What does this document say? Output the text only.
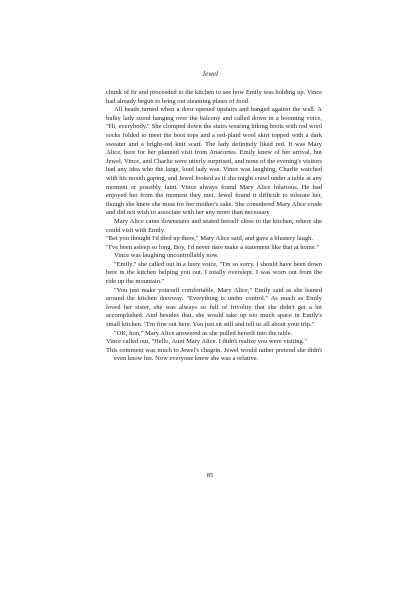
Jewel

chunk of fir and proceeded to the kitchen to see how Emily was holding up. Vince had already begun to bring out steaming plates of food.

All heads turned when a door opened upstairs and banged against the wall. A bulky lady stood hanging over the balcony and called down in a booming voice, "Hi, everybody." She clomped down the stairs wearing hiking boots with red wool socks folded to meet the boot tops and a red-plaid wool skirt topped with a dark sweater and a bright-red knit scarf. The lady definitely liked red. It was Mary Alice, here for her planned visit from Anacortes. Emily knew of her arrival, but Jewel, Vince, and Charlie were utterly surprised, and none of the evening's visitors had any idea who the large, loud lady was. Vince was laughing, Charlie watched with his mouth gaping, and Jewel looked as if she might crawl under a table at any moment or possibly faint. Vince always found Mary Alice hilarious. He had enjoyed her from the moment they met. Jewel found it difficult to tolerate her, though she knew she must for her mother's sake. She considered Mary Alice crude and did not wish to associate with her any more than necessary.

Mary Alice came downstairs and seated herself close to the kitchen, where she could visit with Emily.

"Bet you thought I'd died up there," Mary Alice said, and gave a blustery laugh.

"I've been asleep so long. Boy, I'd never dare make a statement like that at home."

Vince was laughing uncontrollably now.

"Emily," she called out in a lusty voice, "I'm so sorry. I should have been down here in the kitchen helping you out. I totally overslept. I was worn out from the ride up the mountain."

"You just make yourself comfortable, Mary Alice," Emily said as she leaned around the kitchen doorway. "Everything is under control." As much as Emily loved her sister, she was always so full of frivolity that she didn't get a lot accomplished. And besides that, she would take up too much space in Emily's small kitchen. "I'm fine out here. You just sit still and tell us all about your trip."

"OK, hon," Mary Alice answered as she pulled herself into the table.

Vince called out, "Hello, Aunt Mary Alice. I didn't realize you were visiting."

This comment was much to Jewel's chagrin. Jewel would rather pretend she didn't even know her. Now everyone knew she was a relative.

85
